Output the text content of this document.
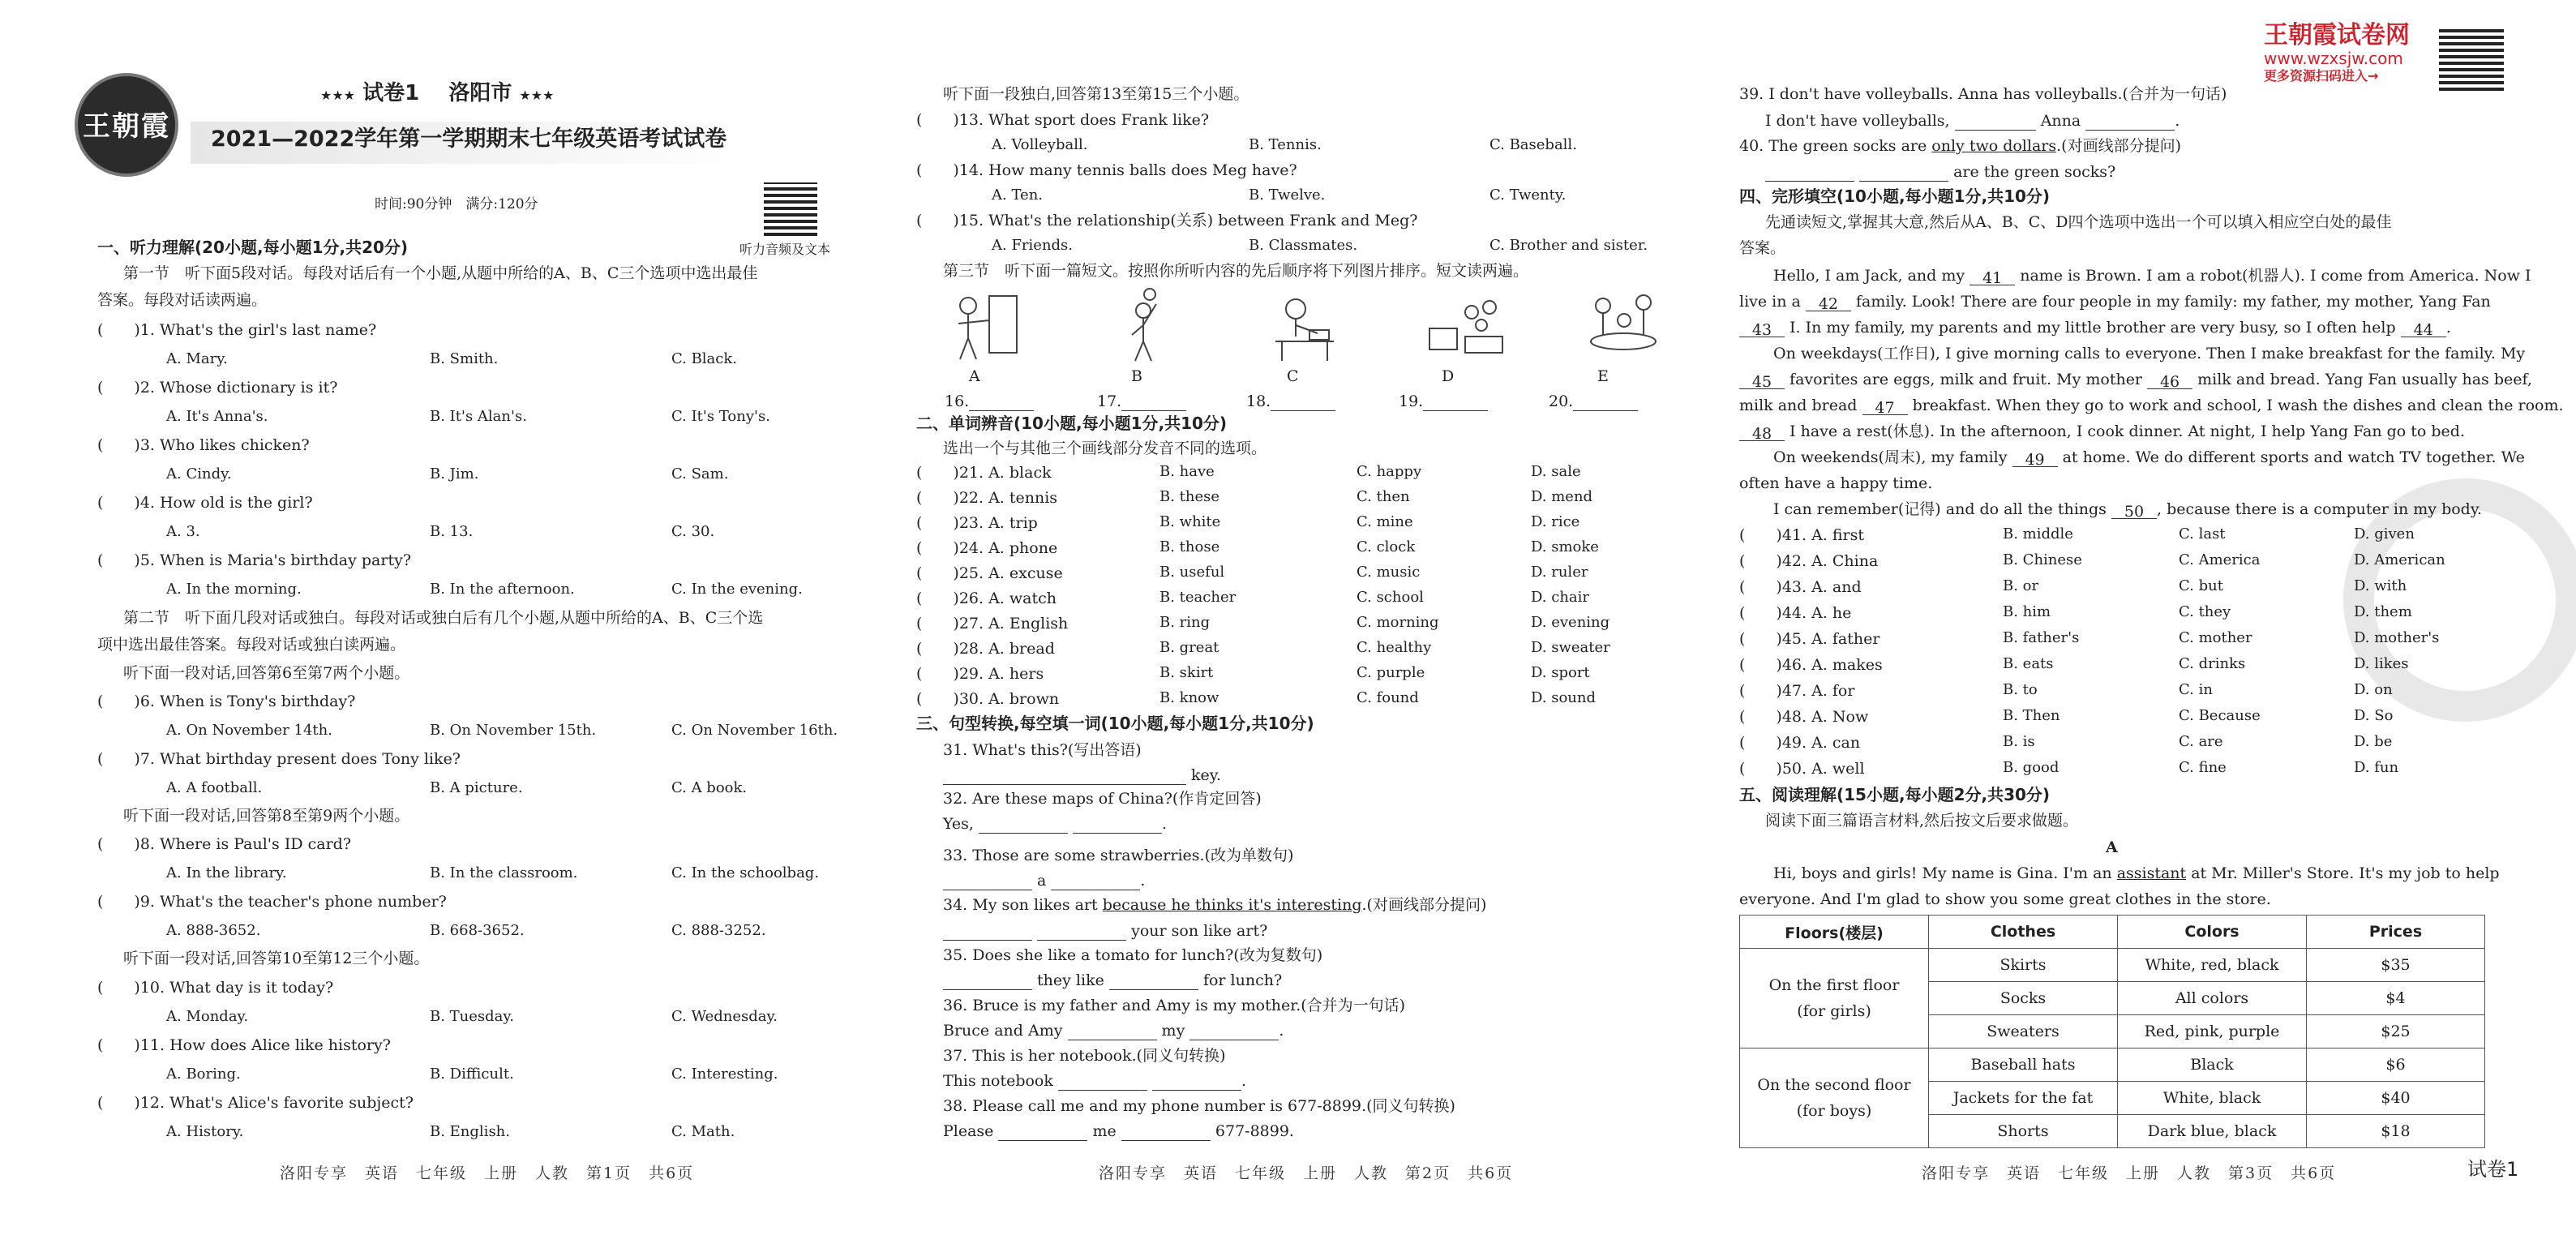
王朝霞
★★★ 试卷1 洛阳市 ★★★
2021—2022学年第一学期期末七年级英语考试试卷
时间:90分钟　满分:120分
听力音频及文本
一、听力理解(20小题,每小题1分,共20分)
第一节　听下面5段对话。每段对话后有一个小题,从题中所给的A、B、C三个选项中选出最佳
答案。每段对话读两遍。
(　　)1. What's the girl's last name?
A. Mary.	B. Smith.	C. Black.
(　　)2. Whose dictionary is it?
A. It's Anna's.	B. It's Alan's.	C. It's Tony's.
(　　)3. Who likes chicken?
A. Cindy.	B. Jim.	C. Sam.
(　　)4. How old is the girl?
A. 3.	B. 13.	C. 30.
(　　)5. When is Maria's birthday party?
A. In the morning.	B. In the afternoon.	C. In the evening.
第二节　听下面几段对话或独白。每段对话或独白后有几个小题,从题中所给的A、B、C三个选
项中选出最佳答案。每段对话或独白读两遍。
听下面一段对话,回答第6至第7两个小题。
(　　)6. When is Tony's birthday?
A. On November 14th.	B. On November 15th.	C. On November 16th.
(　　)7. What birthday present does Tony like?
A. A football.	B. A picture.	C. A book.
听下面一段对话,回答第8至第9两个小题。
(　　)8. Where is Paul's ID card?
A. In the library.	B. In the classroom.	C. In the schoolbag.
(　　)9. What's the teacher's phone number?
A. 888-3652.	B. 668-3652.	C. 888-3252.
听下面一段对话,回答第10至第12三个小题。
(　　)10. What day is it today?
A. Monday.	B. Tuesday.	C. Wednesday.
(　　)11. How does Alice like history?
A. Boring.	B. Difficult.	C. Interesting.
(　　)12. What's Alice's favorite subject?
A. History.	B. English.	C. Math.
洛阳专享　英语　七年级　上册　人教　第1页　共6页
听下面一段独白,回答第13至第15三个小题。
(　　)13. What sport does Frank like?
A. Volleyball.	B. Tennis.	C. Baseball.
(　　)14. How many tennis balls does Meg have?
A. Ten.	B. Twelve.	C. Twenty.
(　　)15. What's the relationship(关系) between Frank and Meg?
A. Friends.	B. Classmates.	C. Brother and sister.
第三节　听下面一篇短文。按照你所听内容的先后顺序将下列图片排序。短文读两遍。
A	B	C	D	E
16.	17.	18.	19.	20.
二、单词辨音(10小题,每小题1分,共10分)
选出一个与其他三个画线部分发音不同的选项。
(　　)21. A. black	B. have	C. happy	D. sale
(　　)22. A. tennis	B. these	C. then	D. mend
(　　)23. A. trip	B. white	C. mine	D. rice
(　　)24. A. phone	B. those	C. clock	D. smoke
(　　)25. A. excuse	B. useful	C. music	D. ruler
(　　)26. A. watch	B. teacher	C. school	D. chair
(　　)27. A. English	B. ring	C. morning	D. evening
(　　)28. A. bread	B. great	C. healthy	D. sweater
(　　)29. A. hers	B. skirt	C. purple	D. sport
(　　)30. A. brown	B. know	C. found	D. sound
三、句型转换,每空填一词(10小题,每小题1分,共10分)
31. What's this?(写出答语)
key.
32. Are these maps of China?(作肯定回答)
Yes,	.
33. Those are some strawberries.(改为单数句)
a	.
34. My son likes art because he thinks it's interesting.(对画线部分提问)
your son like art?
35. Does she like a tomato for lunch?(改为复数句)
they like	for lunch?
36. Bruce is my father and Amy is my mother.(合并为一句话)
Bruce and Amy	my	.
37. This is her notebook.(同义句转换)
This notebook	.
38. Please call me and my phone number is 677-8899.(同义句转换)
Please	me	677-8899.
洛阳专享　英语　七年级　上册　人教　第2页　共6页
39. I don't have volleyballs. Anna has volleyballs.(合并为一句话)
I don't have volleyballs,	Anna	.
40. The green socks are only two dollars.(对画线部分提问)
are the green socks?
四、完形填空(10小题,每小题1分,共10分)
先通读短文,掌握其大意,然后从A、B、C、D四个选项中选出一个可以填入相应空白处的最佳
答案。
Hello, I am Jack, and my 41 name is Brown. I am a robot(机器人). I come from America. Now I
live in a 42 family. Look! There are four people in my family: my father, my mother, Yang Fan
43 I. In my family, my parents and my little brother are very busy, so I often help 44 .
On weekdays(工作日), I give morning calls to everyone. Then I make breakfast for the family. My
45 favorites are eggs, milk and fruit. My mother 46 milk and bread. Yang Fan usually has beef,
milk and bread 47 breakfast. When they go to work and school, I wash the dishes and clean the room.
48 I have a rest(休息). In the afternoon, I cook dinner. At night, I help Yang Fan go to bed.
On weekends(周末), my family 49 at home. We do different sports and watch TV together. We
often have a happy time.
I can remember(记得) and do all the things 50 , because there is a computer in my body.
(　　)41. A. first	B. middle	C. last	D. given
(　　)42. A. China	B. Chinese	C. America	D. American
(　　)43. A. and	B. or	C. but	D. with
(　　)44. A. he	B. him	C. they	D. them
(　　)45. A. father	B. father's	C. mother	D. mother's
(　　)46. A. makes	B. eats	C. drinks	D. likes
(　　)47. A. for	B. to	C. in	D. on
(　　)48. A. Now	B. Then	C. Because	D. So
(　　)49. A. can	B. is	C. are	D. be
(　　)50. A. well	B. good	C. fine	D. fun
五、阅读理解(15小题,每小题2分,共30分)
阅读下面三篇语言材料,然后按文后要求做题。
A
Hi, boys and girls! My name is Gina. I'm an assistant at Mr. Miller's Store. It's my job to help
everyone. And I'm glad to show you some great clothes in the store.
Floors(楼层)	Clothes	Colors	Prices

On the first floor
(for girls)	Skirts	White, red, black	$35
	Socks	All colors	$4
	Sweaters	Red, pink, purple	$25

On the second floor
(for boys)	Baseball hats	Black	$6
	Jackets for the fat	White, black	$40
	Shorts	Dark blue, black	$18
洛阳专享　英语　七年级　上册　人教　第3页　共6页	试卷1
王朝霞试卷网
www.wzxsjw.com
更多资源扫码进入→
